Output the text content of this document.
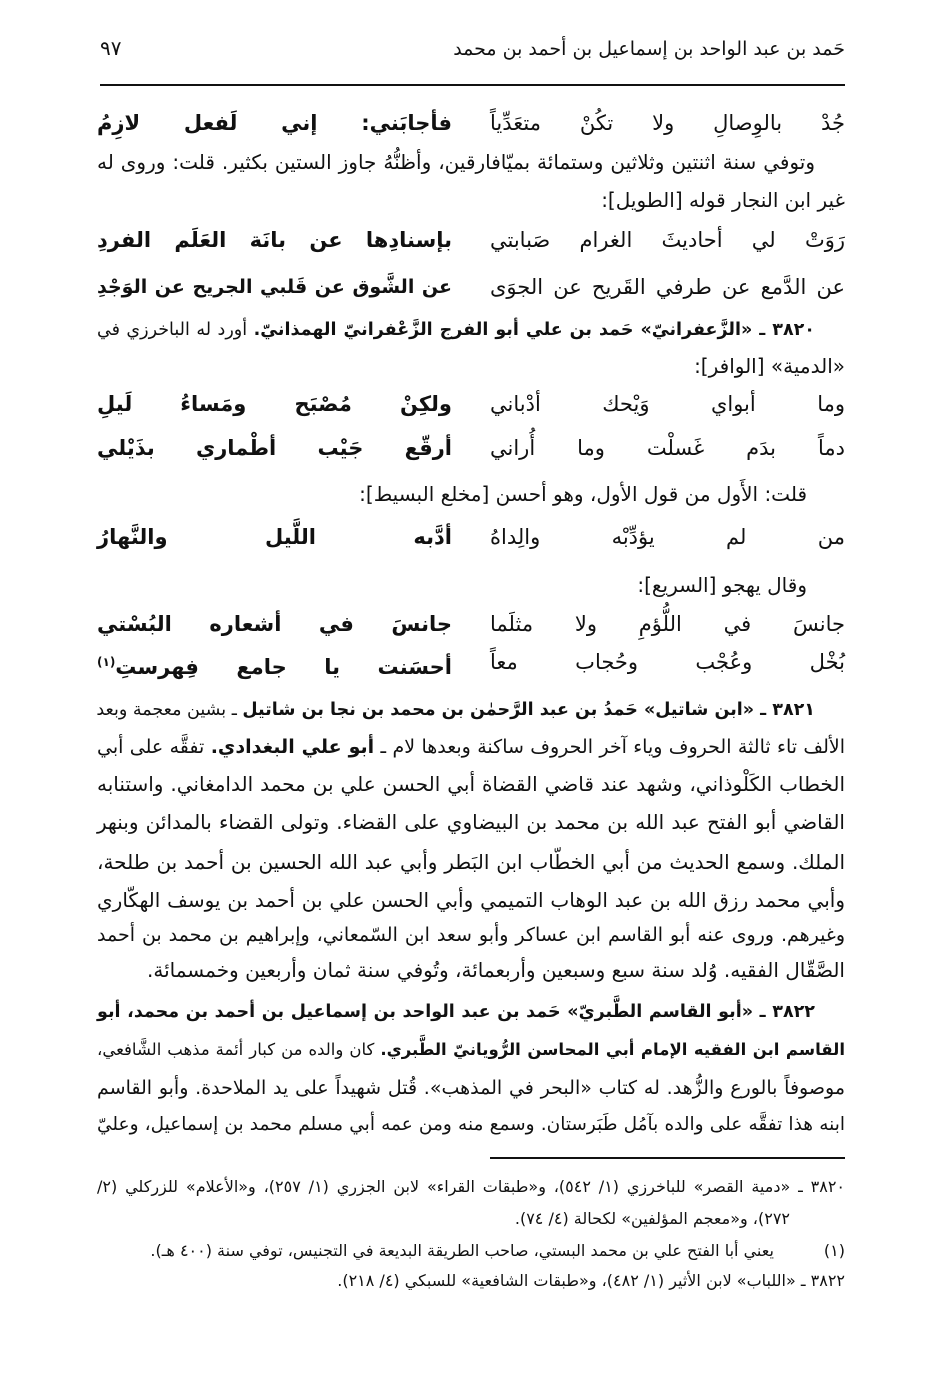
حَمد بن عبد الواحد بن إسماعيل بن أحمد بن محمد
٩٧
جُدْ بالوِصالِ ولا تكُنْ متعَدِّياً
فأجابَني: إني لَفعل لازِمُ
وتوفي سنة اثنتين وثلاثين وستمائة بميّافارقين، وأظنُّهُ جاوز الستين بكثير. قلت: وروى له
غير ابن النجار قوله [الطويل]:
رَوَتْ لي أحاديثَ الغرام صَبابتي
بإسنادِها عن بانَة العَلَم الفردِ
عن الدَّمع عن طرفي القَريح عن الجوَى
عن الشَّوق عن قَلبي الجريح عن الوَجْدِ
٣٨٢٠ ـ «الزَّعفرانيّ» حَمد بن علي أبو الفرج الزَّعْفرانيّ الهمذانيّ. أورد له الباخرزي في
«الدمية» [الوافر]:
وما أبواي وَيْحك أدْباني
ولكِنْ مُصْبَح ومَساءُ لَيلِ
دماً بدَم غَسلْت وما أُراني
أرقّع جَيْب أطْماري بذَيْلي
قلت: الأَول من قول الأول، وهو أحسن [مخلع البسيط]:
من لم يؤدِّبْه والِداهُ
أدَّبه اللَّيل والنَّهارُ
وقال يهجو [السريع]:
جانسَ في اللُّؤمِ ولا مثلَما
جانسَ في أشعاره البُسْتي
بُخْل وعُجْب وحُجاب معاً
أحسَنت يا جامع فِهرستِ$^{(١)}$
٣٨٢١ ـ «ابن شاتيل» حَمدُ بن عبد الرَّحمٰن بن محمد بن نجا بن شاتيل ـ بشين معجمة وبعد
الألف تاء ثالثة الحروف وياء آخر الحروف ساكنة وبعدها لام ـ أبو علي البغدادي. تفقَّه على أبي
الخطاب الكَلْوذاني، وشهد عند قاضي القضاة أبي الحسن علي بن محمد الدامغاني. واستنابه
القاضي أبو الفتح عبد الله بن محمد بن البيضاوي على القضاء. وتولى القضاء بالمدائن وبنهر
الملك. وسمع الحديث من أبي الخطّاب ابن البَطر وأبي عبد الله الحسين بن أحمد بن طلحة،
وأبي محمد رزق الله بن عبد الوهاب التميمي وأبي الحسن علي بن أحمد بن يوسف الهكّاري
وغيرهم. وروى عنه أبو القاسم ابن عساكر وأبو سعد ابن السّمعاني، وإبراهيم بن محمد بن أحمد
الصَّقّال الفقيه. وُلد سنة سبع وسبعين وأربعمائة، وتُوفي سنة ثمان وأربعين وخمسمائة.
٣٨٢٢ ـ «أبو القاسم الطَّبريّ» حَمد بن عبد الواحد بن إسماعيل بن أحمد بن محمد، أبو
القاسم ابن الفقيه الإمام أبي المحاسن الرُّويانيّ الطَّبري. كان والده من كبار أئمة مذهب الشَّافعي،
موصوفاً بالورع والزُّهد. له كتاب «البحر في المذهب». قُتل شهيداً على يد الملاحدة. وأبو القاسم
ابنه هذا تفقَّه على والده بآمُل طَبَرستان. وسمع منه ومن عمه أبي مسلم محمد بن إسماعيل، وعليّ
٣٨٢٠ ـ «دمية القصر» للباخرزي (١/ ٥٤٢)، و«طبقات القراء» لابن الجزري (١/ ٢٥٧)، و«الأعلام» للزركلي (٢/
٢٧٢)، و«معجم المؤلفين» لكحالة (٤/ ٧٤).
(١)يعني أبا الفتح علي بن محمد البستي، صاحب الطريقة البديعة في التجنيس، توفي سنة (٤٠٠ هـ).
٣٨٢٢ ـ «اللباب» لابن الأثير (١/ ٤٨٢)، و«طبقات الشافعية» للسبكي (٤/ ٢١٨).
